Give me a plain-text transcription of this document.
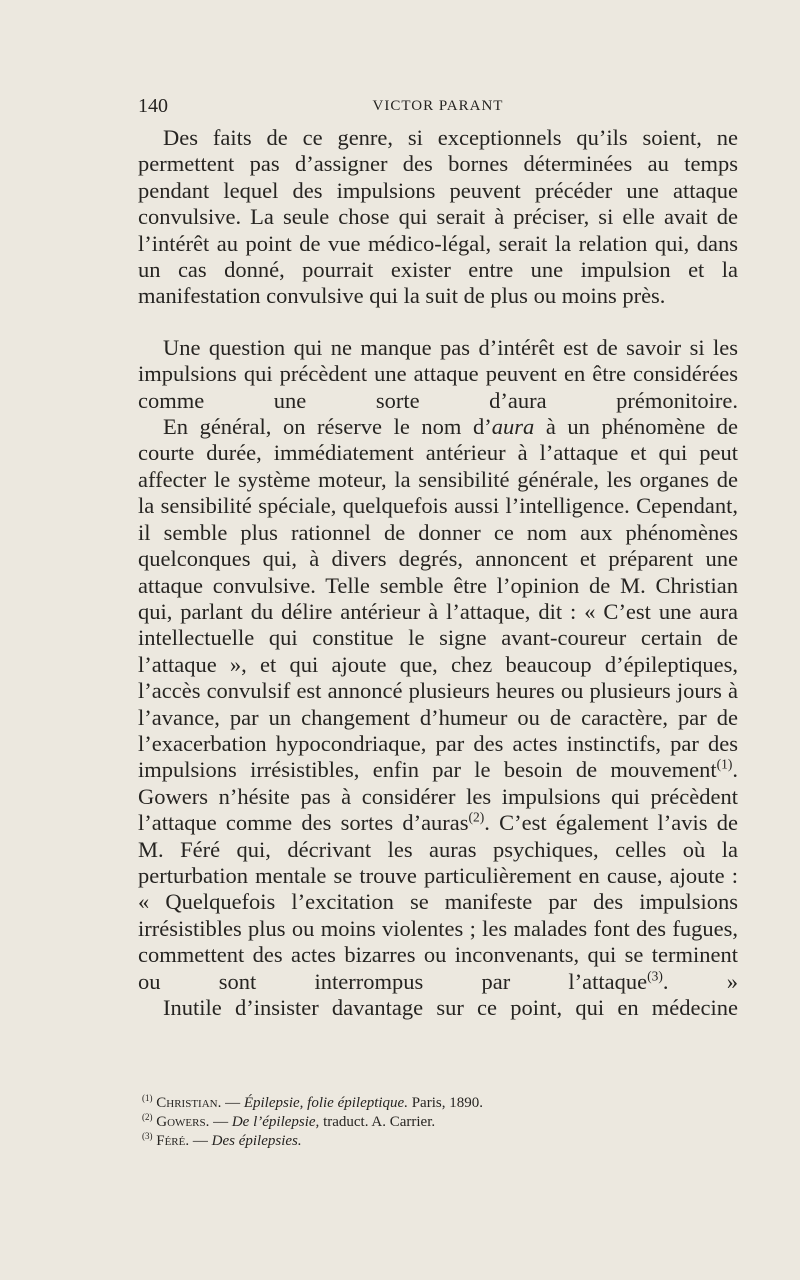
140	VICTOR PARANT

Des faits de ce genre, si exceptionnels qu’ils soient, ne permettent pas d’assigner des bornes déterminées au temps pendant lequel des impulsions peuvent précéder une attaque convulsive. La seule chose qui serait à préciser, si elle avait de l’intérêt au point de vue médico-légal, serait la relation qui, dans un cas donné, pourrait exister entre une impulsion et la manifestation convulsive qui la suit de plus ou moins près.

Une question qui ne manque pas d’intérêt est de savoir si les impulsions qui précèdent une attaque peuvent en être considérées comme une sorte d’aura prémonitoire.

En général, on réserve le nom d’aura à un phénomène de courte durée, immédiatement antérieur à l’attaque et qui peut affecter le système moteur, la sensibilité générale, les organes de la sensibilité spéciale, quelquefois aussi l’intelligence. Cependant, il semble plus rationnel de donner ce nom aux phénomènes quelconques qui, à divers degrés, annoncent et préparent une attaque convulsive. Telle semble être l’opinion de M. Christian qui, parlant du délire antérieur à l’attaque, dit : « C’est une aura intellectuelle qui constitue le signe avant-coureur certain de l’attaque », et qui ajoute que, chez beaucoup d’épileptiques, l’accès convulsif est annoncé plusieurs heures ou plusieurs jours à l’avance, par un changement d’humeur ou de caractère, par de l’exacerbation hypocondriaque, par des actes instinctifs, par des impulsions irrésistibles, enfin par le besoin de mouvement$^{(1)}$. Gowers n’hésite pas à considérer les impulsions qui précèdent l’attaque comme des sortes d’auras$^{(2)}$. C’est également l’avis de M. Féré qui, décrivant les auras psychiques, celles où la perturbation mentale se trouve particulièrement en cause, ajoute : « Quelquefois l’excitation se manifeste par des impulsions irrésistibles plus ou moins violentes ; les malades font des fugues, commettent des actes bizarres ou inconvenants, qui se terminent ou sont interrompus par l’attaque$^{(3)}$. »

Inutile d’insister davantage sur ce point, qui en médecine

$^{(1)}$ Christian. — Épilepsie, folie épileptique. Paris, 1890.

$^{(2)}$ Gowers. — De l’épilepsie, traduct. A. Carrier.

$^{(3)}$ Féré. — Des épilepsies.
